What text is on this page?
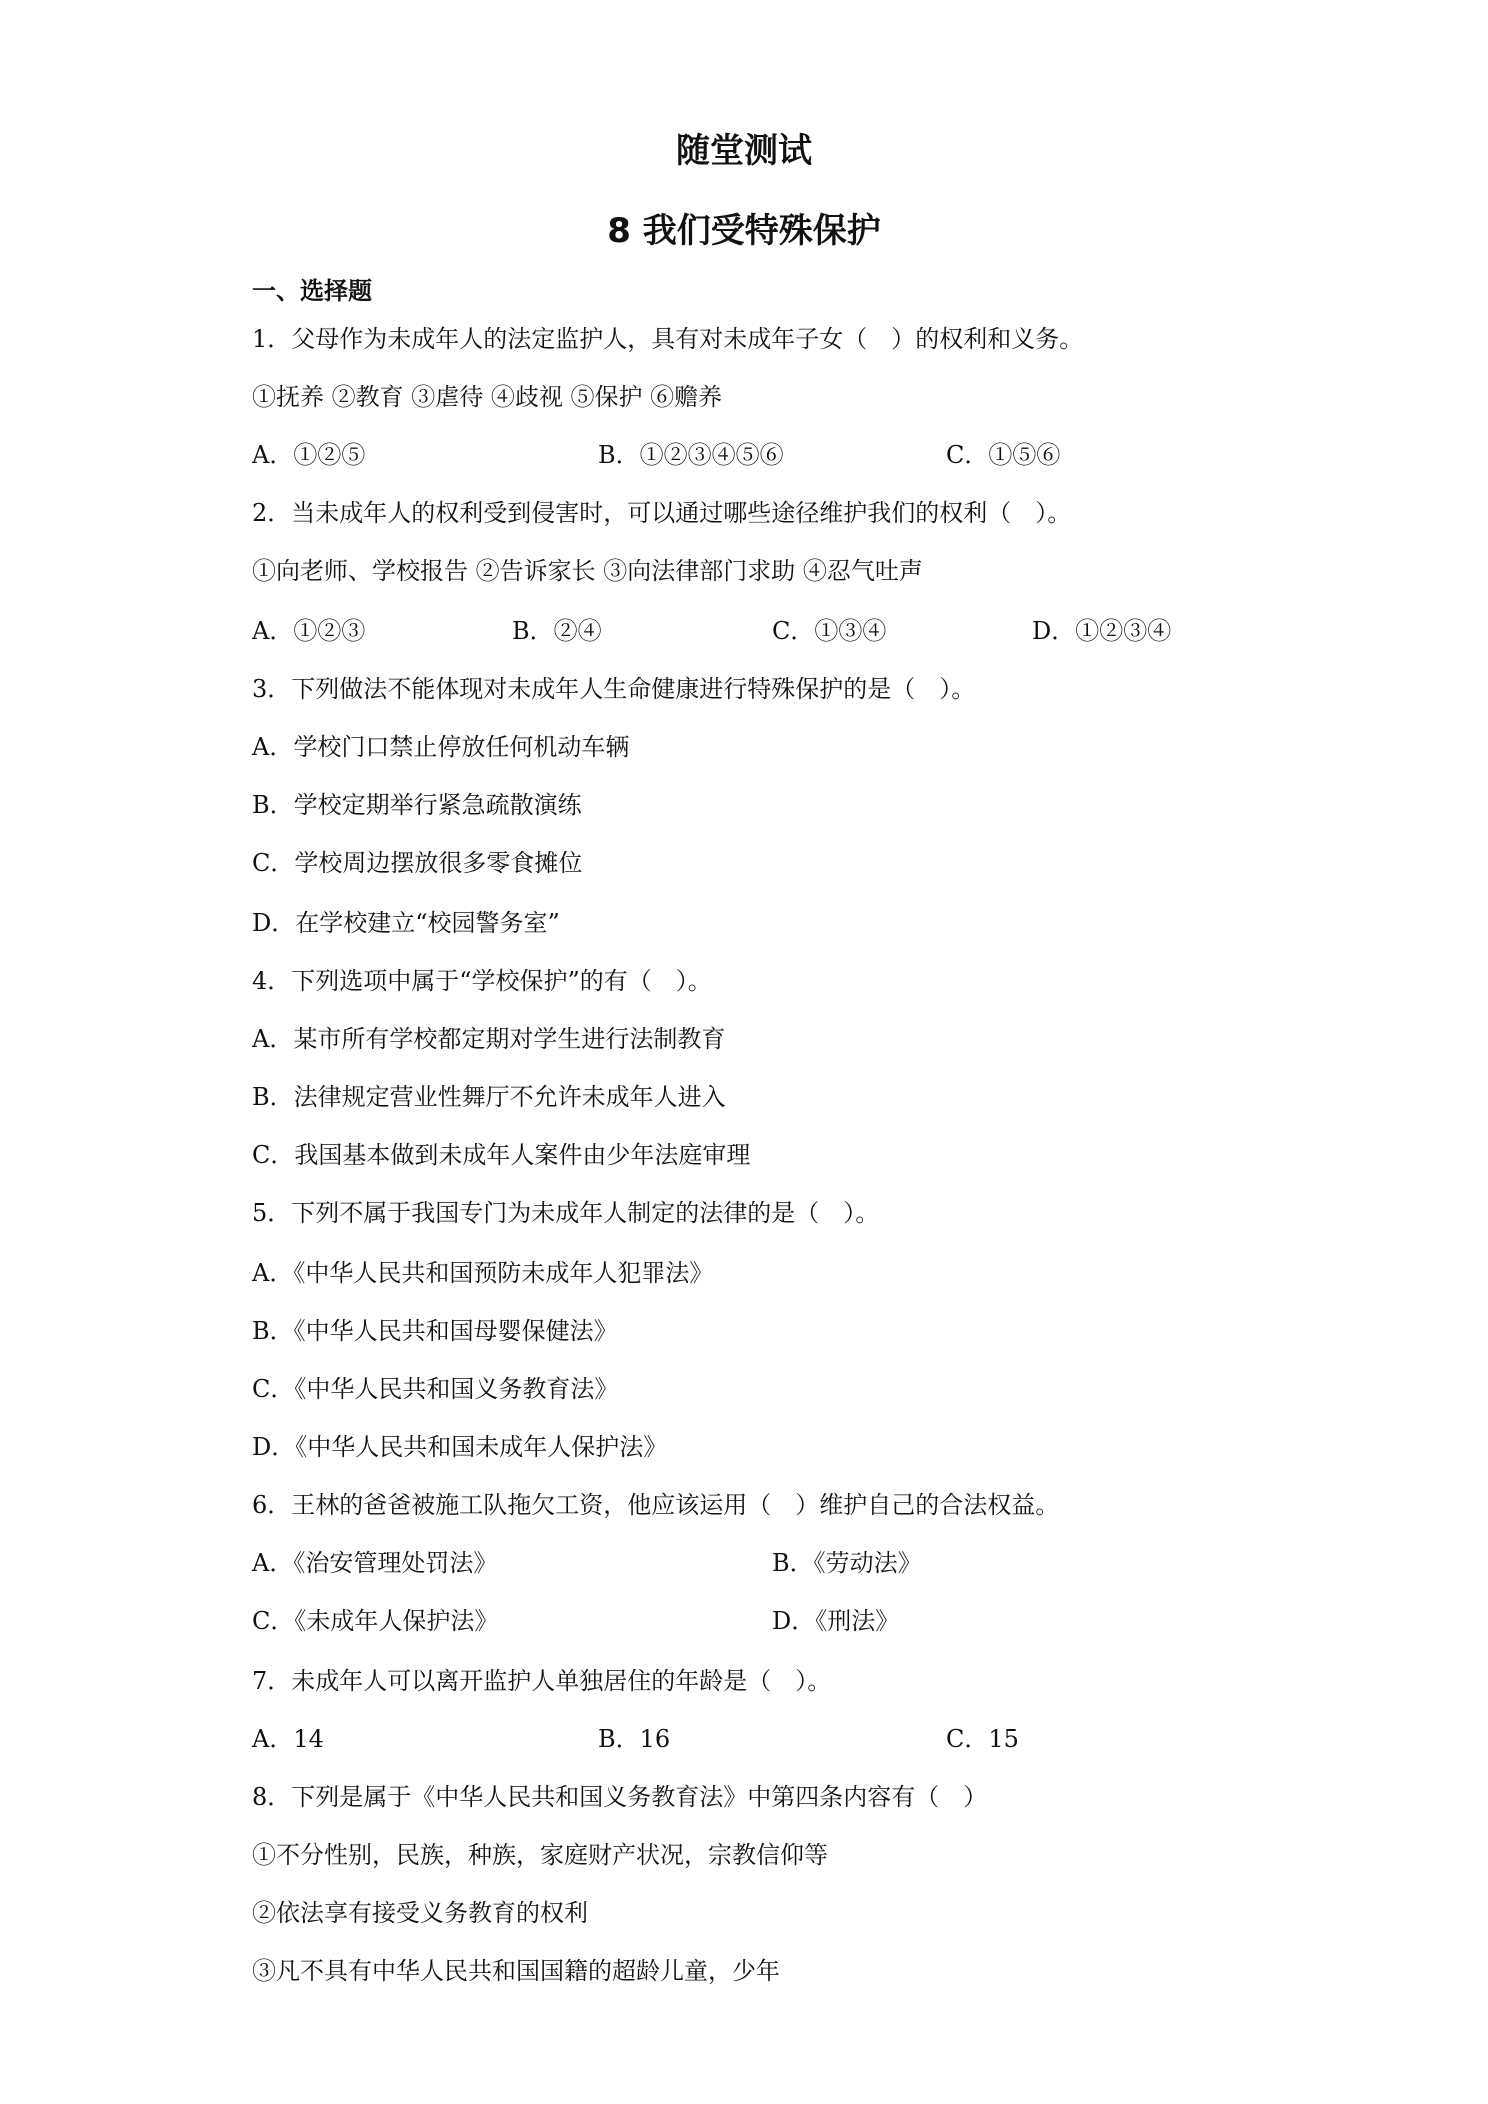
随堂测试
8 我们受特殊保护
一、选择题
1．父母作为未成年人的法定监护人，具有对未成年子女（　）的权利和义务。
①抚养 ②教育 ③虐待 ④歧视 ⑤保护 ⑥赡养
A．①②⑤	B．①②③④⑤⑥	C．①⑤⑥
2．当未成年人的权利受到侵害时，可以通过哪些途径维护我们的权利（　）。
①向老师、学校报告 ②告诉家长 ③向法律部门求助 ④忍气吐声
A．①②③	B．②④	C．①③④	D．①②③④
3．下列做法不能体现对未成年人生命健康进行特殊保护的是（　）。
A．学校门口禁止停放任何机动车辆
B．学校定期举行紧急疏散演练
C．学校周边摆放很多零食摊位
D．在学校建立“校园警务室”
4．下列选项中属于“学校保护”的有（　）。
A．某市所有学校都定期对学生进行法制教育
B．法律规定营业性舞厅不允许未成年人进入
C．我国基本做到未成年人案件由少年法庭审理
5．下列不属于我国专门为未成年人制定的法律的是（　）。
A．《中华人民共和国预防未成年人犯罪法》
B．《中华人民共和国母婴保健法》
C．《中华人民共和国义务教育法》
D．《中华人民共和国未成年人保护法》
6．王林的爸爸被施工队拖欠工资，他应该运用（　）维护自己的合法权益。
A．《治安管理处罚法》	B．《劳动法》
C．《未成年人保护法》	D．《刑法》
7．未成年人可以离开监护人单独居住的年龄是（　）。
A．14	B．16	C．15
8．下列是属于《中华人民共和国义务教育法》中第四条内容有（　）
①不分性别，民族，种族，家庭财产状况，宗教信仰等
②依法享有接受义务教育的权利
③凡不具有中华人民共和国国籍的超龄儿童，少年
